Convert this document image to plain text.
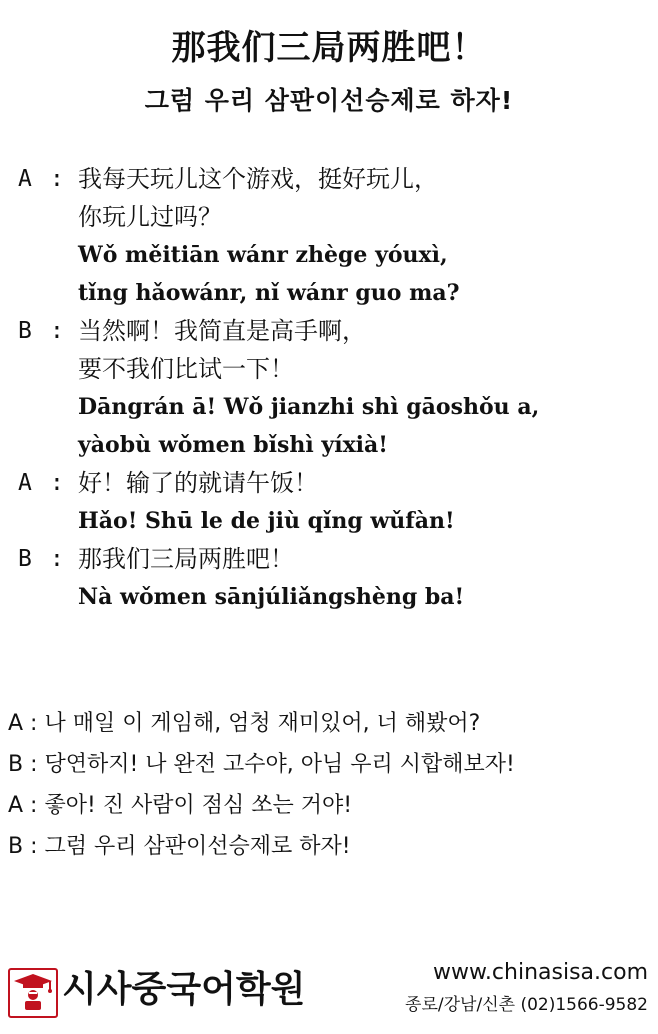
那我们三局两胜吧！
그럼 우리 삼판이선승제로 하자!
A : 我每天玩儿这个游戏，挺好玩儿，
你玩儿过吗？
Wǒ měitiān wánr zhège yóuxì,
tǐng hǎowánr, nǐ wánr guo ma?
B : 当然啊！我简直是高手啊，
要不我们比试一下！
Dāngrán ā! Wǒ jianzhi shì gāoshǒu a,
yàobù wǒmen bǐshì yíxià!
A : 好！输了的就请午饭！
Hǎo! Shū le de jiù qǐng wǔfàn!
B : 那我们三局两胜吧！
Nà wǒmen sānjúliǎngshèng ba!
A : 나 매일 이 게임해, 엄청 재미있어, 너 해봤어?
B : 당연하지! 나 완전 고수야, 아님 우리 시합해보자!
A : 좋아! 진 사람이 점심 쏘는 거야!
B : 그럼 우리 삼판이선승제로 하자!
시사중국어학원	www.chinasisa.com
종로/강남/신촌 (02)1566-9582
